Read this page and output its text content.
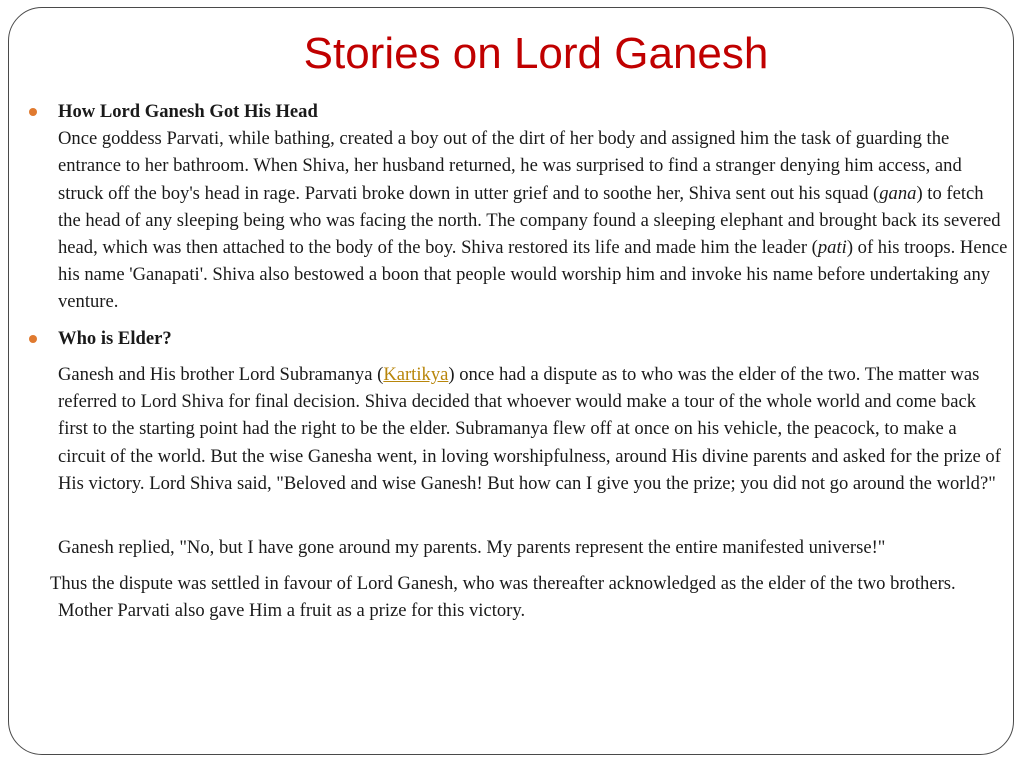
Stories on Lord Ganesh

How Lord Ganesh Got His Head
Once goddess Parvati, while bathing, created a boy out of the dirt of her body and assigned him the task of guarding the entrance to her bathroom. When Shiva, her husband returned, he was surprised to find a stranger denying him access, and struck off the boy's head in rage. Parvati broke down in utter grief and to soothe her, Shiva sent out his squad (gana) to fetch the head of any sleeping being who was facing the north. The company found a sleeping elephant and brought back its severed head, which was then attached to the body of the boy. Shiva restored its life and made him the leader (pati) of his troops. Hence his name 'Ganapati'. Shiva also bestowed a boon that people would worship him and invoke his name before undertaking any venture.

Who is Elder?

Ganesh and His brother Lord Subramanya (Kartikya) once had a dispute as to who was the elder of the two. The matter was referred to Lord Shiva for final decision. Shiva decided that whoever would make a tour of the whole world and come back first to the starting point had the right to be the elder. Subramanya flew off at once on his vehicle, the peacock, to make a circuit of the world. But the wise Ganesha went, in loving worshipfulness, around His divine parents and asked for the prize of His victory. Lord Shiva said, "Beloved and wise Ganesh! But how can I give you the prize; you did not go around the world?"

Ganesh replied, "No, but I have gone around my parents. My parents represent the entire manifested universe!"

Thus the dispute was settled in favour of Lord Ganesh, who was thereafter acknowledged as the elder of the two brothers. Mother Parvati also gave Him a fruit as a prize for this victory.
